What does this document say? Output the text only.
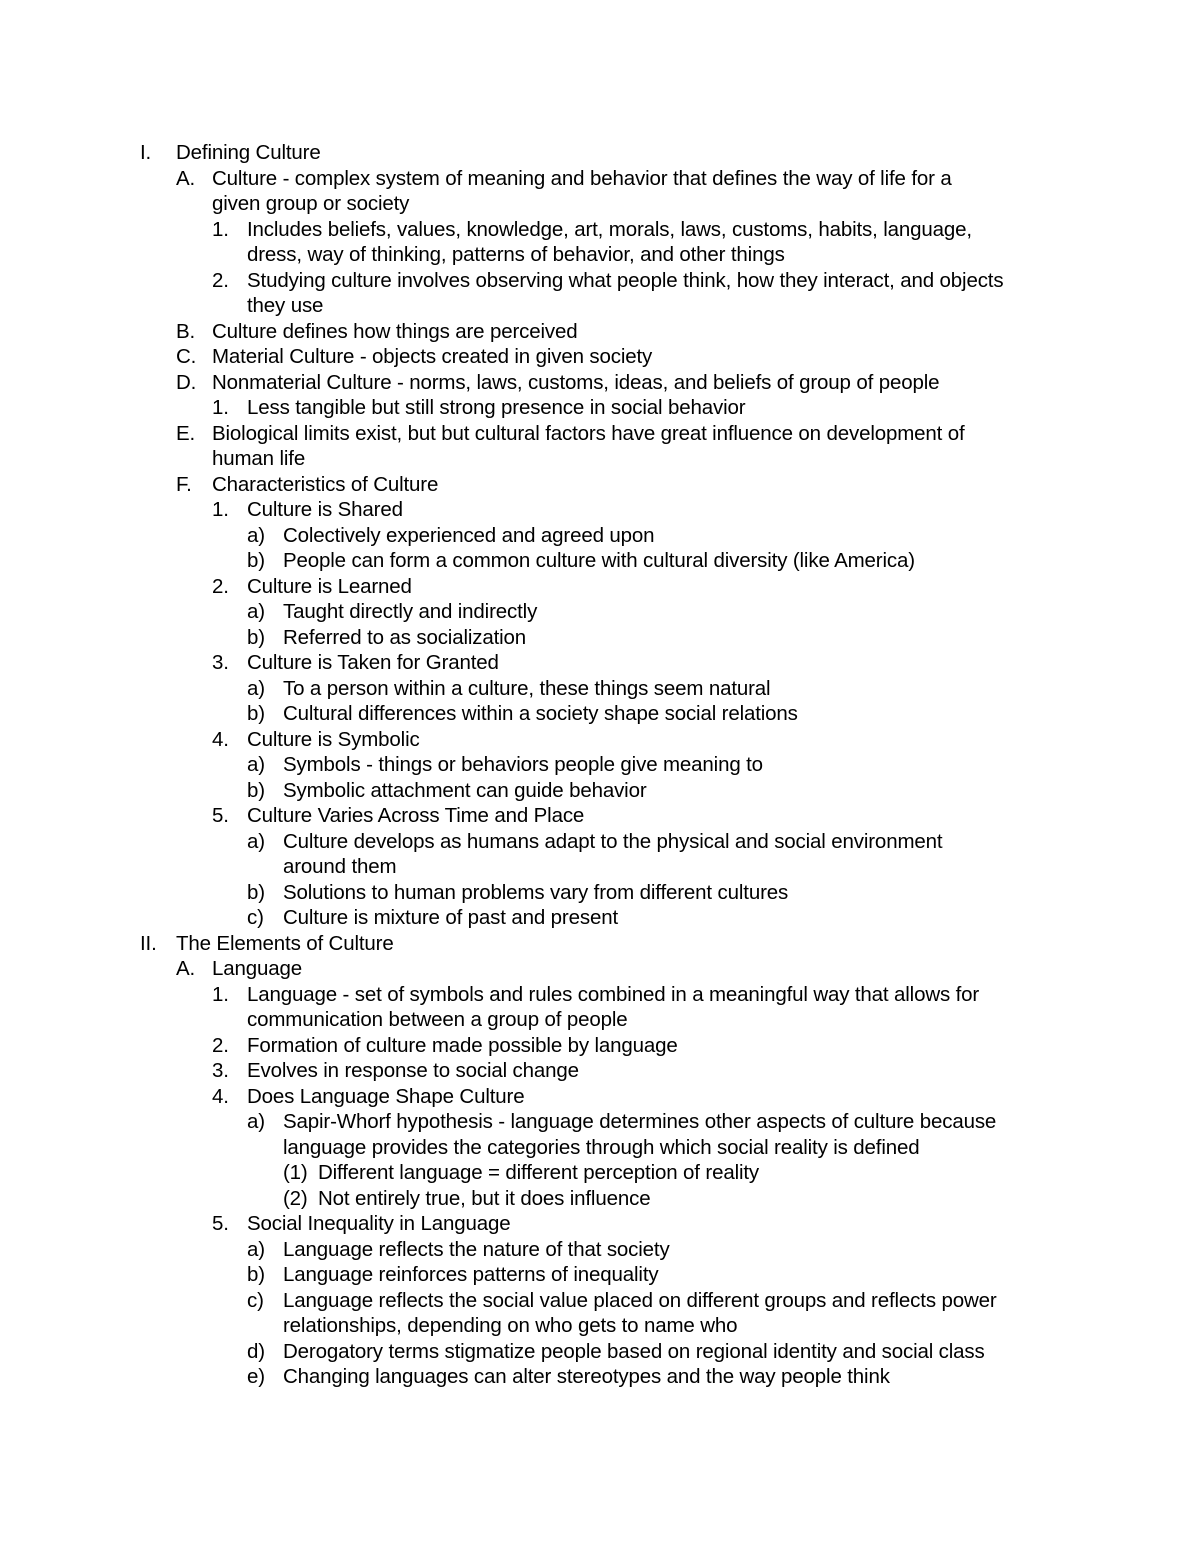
I. Defining Culture
A. Culture - complex system of meaning and behavior that defines the way of life for a
given group or society
1. Includes beliefs, values, knowledge, art, morals, laws, customs, habits, language,
dress, way of thinking, patterns of behavior, and other things
2. Studying culture involves observing what people think, how they interact, and objects
they use
B. Culture defines how things are perceived
C. Material Culture - objects created in given society
D. Nonmaterial Culture - norms, laws, customs, ideas, and beliefs of group of people
1. Less tangible but still strong presence in social behavior
E. Biological limits exist, but but cultural factors have great influence on development of
human life
F. Characteristics of Culture
1. Culture is Shared
a) Colectively experienced and agreed upon
b) People can form a common culture with cultural diversity (like America)
2. Culture is Learned
a) Taught directly and indirectly
b) Referred to as socialization
3. Culture is Taken for Granted
a) To a person within a culture, these things seem natural
b) Cultural differences within a society shape social relations
4. Culture is Symbolic
a) Symbols - things or behaviors people give meaning to
b) Symbolic attachment can guide behavior
5. Culture Varies Across Time and Place
a) Culture develops as humans adapt to the physical and social environment
around them
b) Solutions to human problems vary from different cultures
c) Culture is mixture of past and present
II. The Elements of Culture
A. Language
1. Language - set of symbols and rules combined in a meaningful way that allows for
communication between a group of people
2. Formation of culture made possible by language
3. Evolves in response to social change
4. Does Language Shape Culture
a) Sapir-Whorf hypothesis - language determines other aspects of culture because
language provides the categories through which social reality is defined
(1) Different language = different perception of reality
(2) Not entirely true, but it does influence
5. Social Inequality in Language
a) Language reflects the nature of that society
b) Language reinforces patterns of inequality
c) Language reflects the social value placed on different groups and reflects power
relationships, depending on who gets to name who
d) Derogatory terms stigmatize people based on regional identity and social class
e) Changing languages can alter stereotypes and the way people think
